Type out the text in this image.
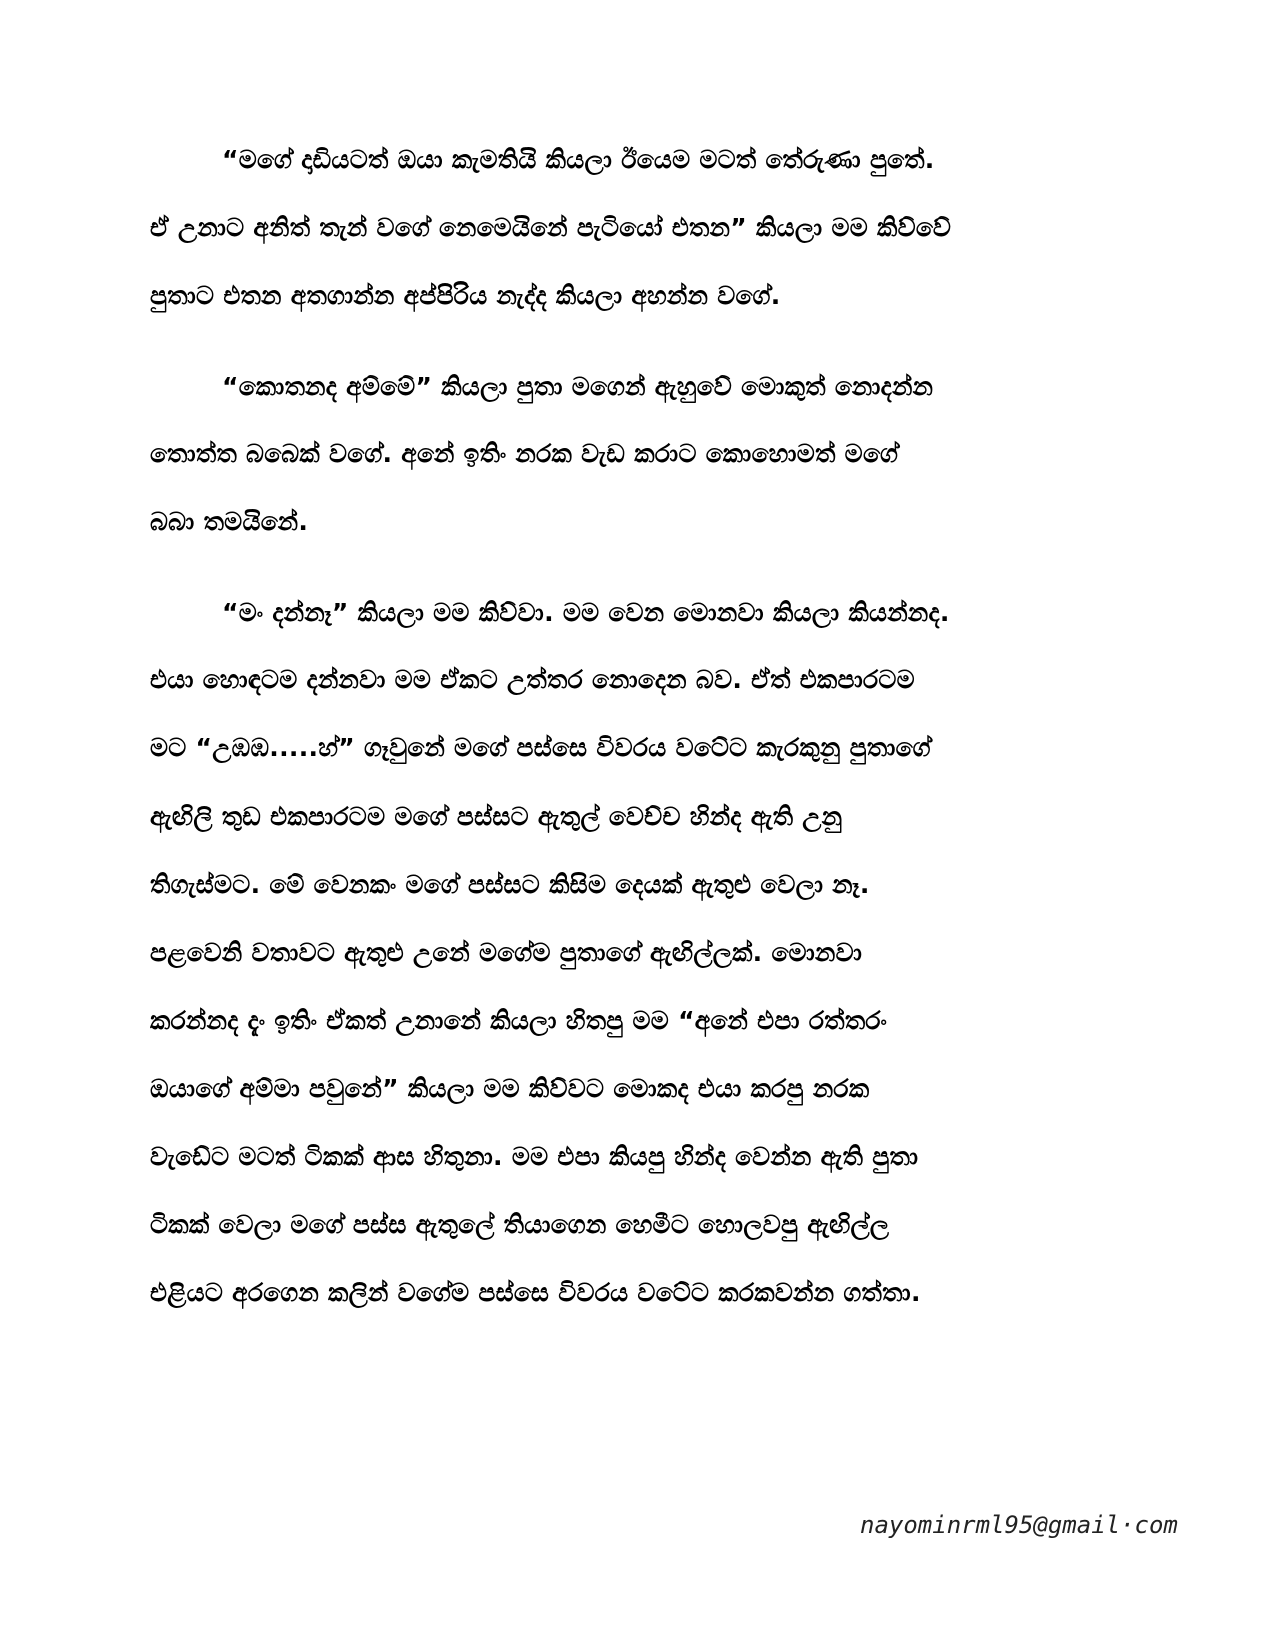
“මගේ දාඩියටත් ඔයා කැමතියි කියලා ඊයෙම මටත් තේරුණා පුතේ.
ඒ උනාට අනිත් තැන් වගේ නෙමෙයිනේ පැටියෝ එතන” කියලා මම කිව්වේ
පුතාට එතන අතගාන්න අප්පිරිය නැද්ද කියලා අහන්න වගේ.
“කොතනද අම්මේ” කියලා පුතා මගෙන් ඇහුවේ මොකුත් නොදන්න
තොත්ත බබෙක් වගේ. අනේ ඉතිං නරක වැඩ කරාට කොහොමත් මගේ
බබා තමයිනේ.
“මං දන්නෑ” කියලා මම කිව්වා. මම වෙන මොනවා කියලා කියන්නද.
එයා හොඳටම දන්නවා මම ඒකට උත්තර නොදෙන බව. ඒත් එකපාරටම
මට “උඹඹ.....හ්” ගෑවුනේ මගේ පස්සෙ විවරය වටේට කැරකුනු පුතාගේ
ඇඟිලි තුඩ එකපාරටම මගේ පස්සට ඇතුල් වෙච්ච හින්ද ඇති උනු
තිගැස්මට. මේ වෙනකං මගේ පස්සට කිසිම දෙයක් ඇතුළු වෙලා නෑ.
පළවෙනි වතාවට ඇතුළු උනේ මගේම පුතාගේ ඇඟිල්ලක්. මොනවා
කරන්නද දැං ඉතිං ඒකත් උනානේ කියලා හිතපු මම “අනේ එපා රත්තරං
ඔයාගේ අම්මා පවුනේ” කියලා මම කිව්වට මොකද එයා කරපු නරක
වැඩේට මටත් ටිකක් ආස හිතුනා. මම එපා කියපු හින්ද වෙන්න ඇති පුතා
ටිකක් වෙලා මගේ පස්ස ඇතුලේ තියාගෙන හෙමීට හොලවපු ඇඟිල්ල
එළියට අරගෙන කලින් වගේම පස්සෙ විවරය වටේට කරකවන්න ගත්තා.
nayominrml95@gmail·com
